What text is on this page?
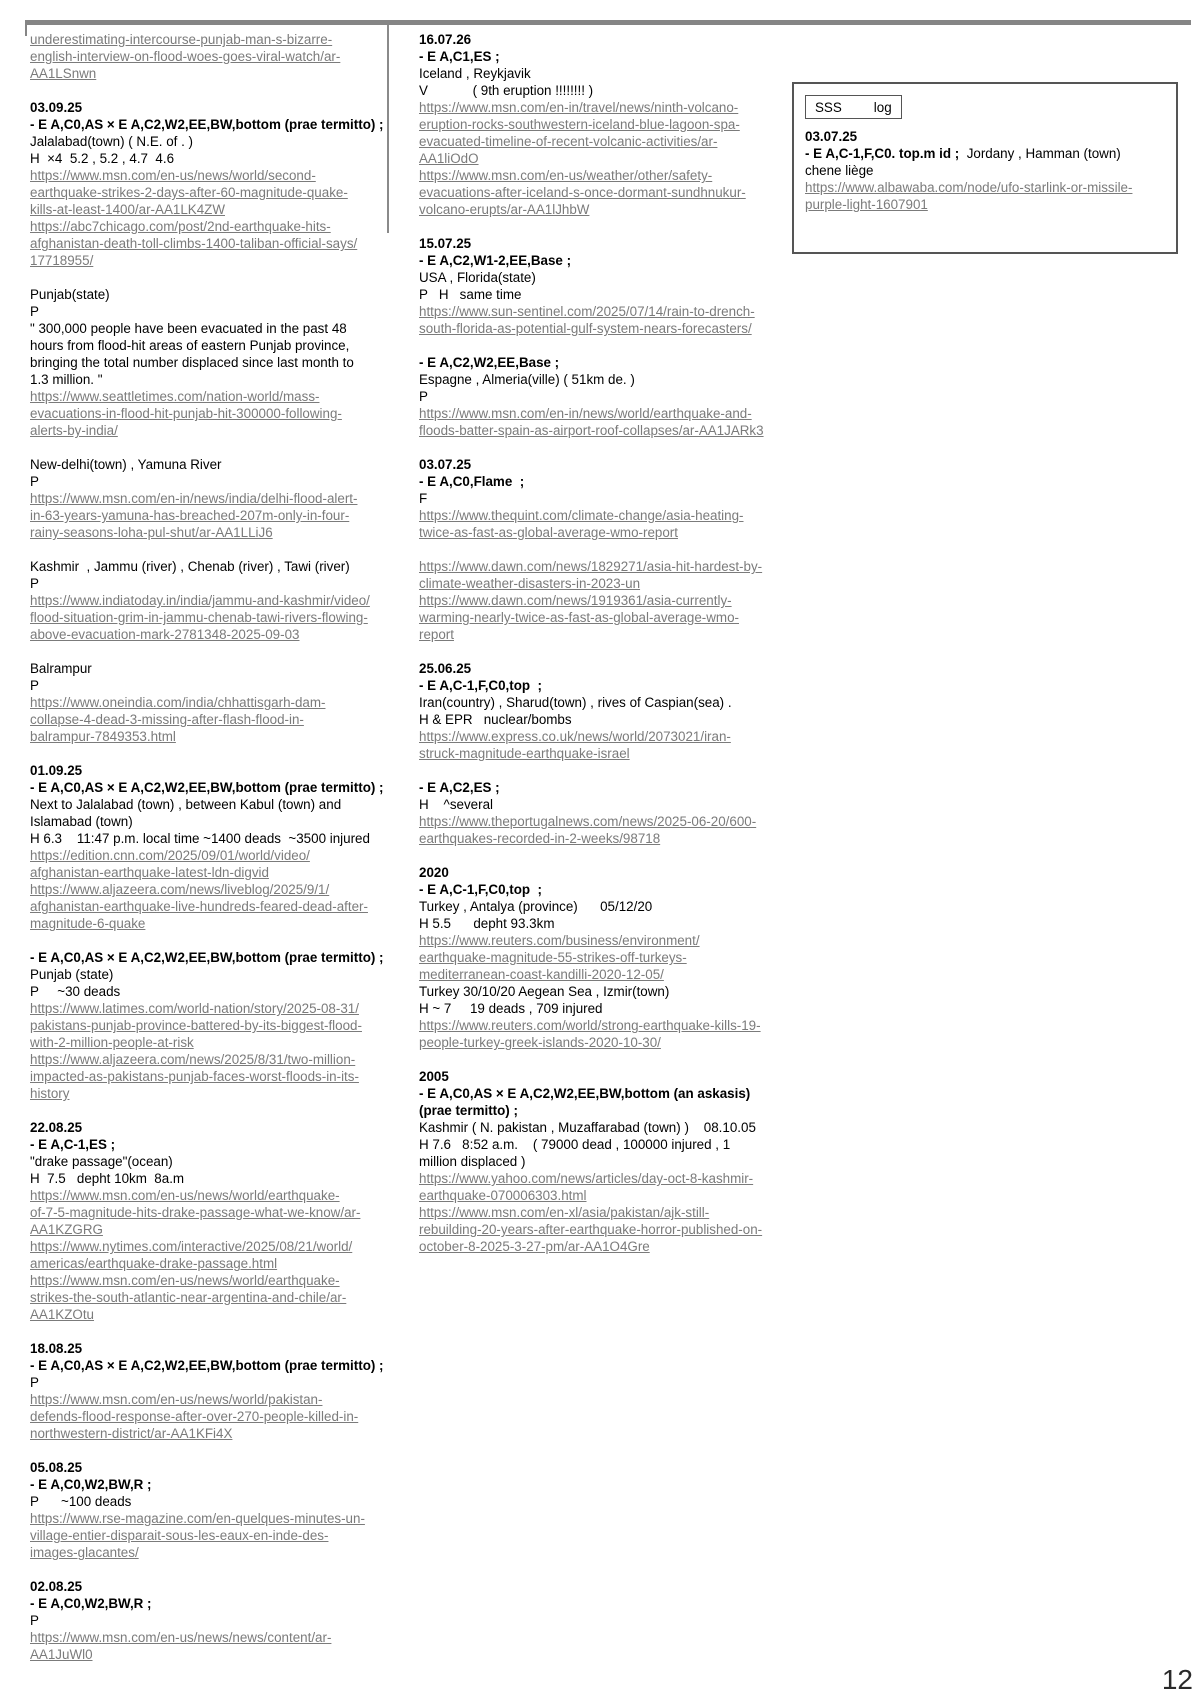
underestimating-intercourse-punjab-man-s-bizarre-
english-interview-on-flood-woes-goes-viral-watch/ar-
AA1LSnwn
03.09.25
- E A,C0,AS × E A,C2,W2,EE,BW,bottom (prae termitto) ;
Jalalabad(town) ( N.E. of . )
H  ×4  5.2 , 5.2 , 4.7  4.6
https://www.msn.com/en-us/news/world/second-
earthquake-strikes-2-days-after-60-magnitude-quake-
kills-at-least-1400/ar-AA1LK4ZW
https://abc7chicago.com/post/2nd-earthquake-hits-
afghanistan-death-toll-climbs-1400-taliban-official-says/
17718955/
Punjab(state)
P
" 300,000 people have been evacuated in the past 48
hours from flood-hit areas of eastern Punjab province,
bringing the total number displaced since last month to
1.3 million. "
https://www.seattletimes.com/nation-world/mass-
evacuations-in-flood-hit-punjab-hit-300000-following-
alerts-by-india/
New-delhi(town) , Yamuna River
P
https://www.msn.com/en-in/news/india/delhi-flood-alert-
in-63-years-yamuna-has-breached-207m-only-in-four-
rainy-seasons-loha-pul-shut/ar-AA1LLiJ6
Kashmir  , Jammu (river) , Chenab (river) , Tawi (river)
P
https://www.indiatoday.in/india/jammu-and-kashmir/video/
flood-situation-grim-in-jammu-chenab-tawi-rivers-flowing-
above-evacuation-mark-2781348-2025-09-03
Balrampur
P
https://www.oneindia.com/india/chhattisgarh-dam-
collapse-4-dead-3-missing-after-flash-flood-in-
balrampur-7849353.html
01.09.25
- E A,C0,AS × E A,C2,W2,EE,BW,bottom (prae termitto) ;
Next to Jalalabad (town) , between Kabul (town) and
Islamabad (town)
H 6.3    11:47 p.m. local time ~1400 deads  ~3500 injured
https://edition.cnn.com/2025/09/01/world/video/
afghanistan-earthquake-latest-ldn-digvid
https://www.aljazeera.com/news/liveblog/2025/9/1/
afghanistan-earthquake-live-hundreds-feared-dead-after-
magnitude-6-quake
- E A,C0,AS × E A,C2,W2,EE,BW,bottom (prae termitto) ;
Punjab (state)
P     ~30 deads
https://www.latimes.com/world-nation/story/2025-08-31/
pakistans-punjab-province-battered-by-its-biggest-flood-
with-2-million-people-at-risk
https://www.aljazeera.com/news/2025/8/31/two-million-
impacted-as-pakistans-punjab-faces-worst-floods-in-its-
history
22.08.25
- E A,C-1,ES ;
"drake passage"(ocean)
H  7.5   depht 10km  8a.m
https://www.msn.com/en-us/news/world/earthquake-
of-7-5-magnitude-hits-drake-passage-what-we-know/ar-
AA1KZGRG
https://www.nytimes.com/interactive/2025/08/21/world/
americas/earthquake-drake-passage.html
https://www.msn.com/en-us/news/world/earthquake-
strikes-the-south-atlantic-near-argentina-and-chile/ar-
AA1KZOtu
18.08.25
- E A,C0,AS × E A,C2,W2,EE,BW,bottom (prae termitto) ;
P
https://www.msn.com/en-us/news/world/pakistan-
defends-flood-response-after-over-270-people-killed-in-
northwestern-district/ar-AA1KFi4X
05.08.25
- E A,C0,W2,BW,R ;
P      ~100 deads
https://www.rse-magazine.com/en-quelques-minutes-un-
village-entier-disparait-sous-les-eaux-en-inde-des-
images-glacantes/
02.08.25
- E A,C0,W2,BW,R ;
P
https://www.msn.com/en-us/news/news/content/ar-
AA1JuWl0
16.07.26
- E A,C1,ES ;
Iceland , Reykjavik
V            ( 9th eruption !!!!!!!! )
https://www.msn.com/en-in/travel/news/ninth-volcano-
eruption-rocks-southwestern-iceland-blue-lagoon-spa-
evacuated-timeline-of-recent-volcanic-activities/ar-
AA1liOdO
https://www.msn.com/en-us/weather/other/safety-
evacuations-after-iceland-s-once-dormant-sundhnukur-
volcano-erupts/ar-AA1lJhbW
15.07.25
- E A,C2,W1-2,EE,Base ;
USA , Florida(state)
P   H   same time
https://www.sun-sentinel.com/2025/07/14/rain-to-drench-
south-florida-as-potential-gulf-system-nears-forecasters/
- E A,C2,W2,EE,Base ;
Espagne , Almeria(ville) ( 51km de. )
P
https://www.msn.com/en-in/news/world/earthquake-and-
floods-batter-spain-as-airport-roof-collapses/ar-AA1JARk3
03.07.25
- E A,C0,Flame  ;
F
https://www.thequint.com/climate-change/asia-heating-
twice-as-fast-as-global-average-wmo-report
https://www.dawn.com/news/1829271/asia-hit-hardest-by-
climate-weather-disasters-in-2023-un
https://www.dawn.com/news/1919361/asia-currently-
warming-nearly-twice-as-fast-as-global-average-wmo-
report
25.06.25
- E A,C-1,F,C0,top  ;
Iran(country) , Sharud(town) , rives of Caspian(sea) .
H & EPR   nuclear/bombs
https://www.express.co.uk/news/world/2073021/iran-
struck-magnitude-earthquake-israel
- E A,C2,ES ;
H    ^several
https://www.theportugalnews.com/news/2025-06-20/600-
earthquakes-recorded-in-2-weeks/98718
2020
- E A,C-1,F,C0,top  ;
Turkey , Antalya (province)      05/12/20
H 5.5      depht 93.3km
https://www.reuters.com/business/environment/
earthquake-magnitude-55-strikes-off-turkeys-
mediterranean-coast-kandilli-2020-12-05/
Turkey 30/10/20 Aegean Sea , Izmir(town)
H ~ 7     19 deads , 709 injured
https://www.reuters.com/world/strong-earthquake-kills-19-
people-turkey-greek-islands-2020-10-30/
2005
- E A,C0,AS × E A,C2,W2,EE,BW,bottom (an askasis)
(prae termitto) ;
Kashmir ( N. pakistan , Muzaffarabad (town) )    08.10.05
H 7.6   8:52 a.m.    ( 79000 dead , 100000 injured , 1
million displaced )
https://www.yahoo.com/news/articles/day-oct-8-kashmir-
earthquake-070006303.html
https://www.msn.com/en-xl/asia/pakistan/ajk-still-
rebuilding-20-years-after-earthquake-horror-published-on-
october-8-2025-3-27-pm/ar-AA1O4Gre
SSS log
03.07.25
- E A,C-1,F,C0. top.m id ;  Jordany , Hamman (town)
chene liège
https://www.albawaba.com/node/ufo-starlink-or-missile-
purple-light-1607901
12
